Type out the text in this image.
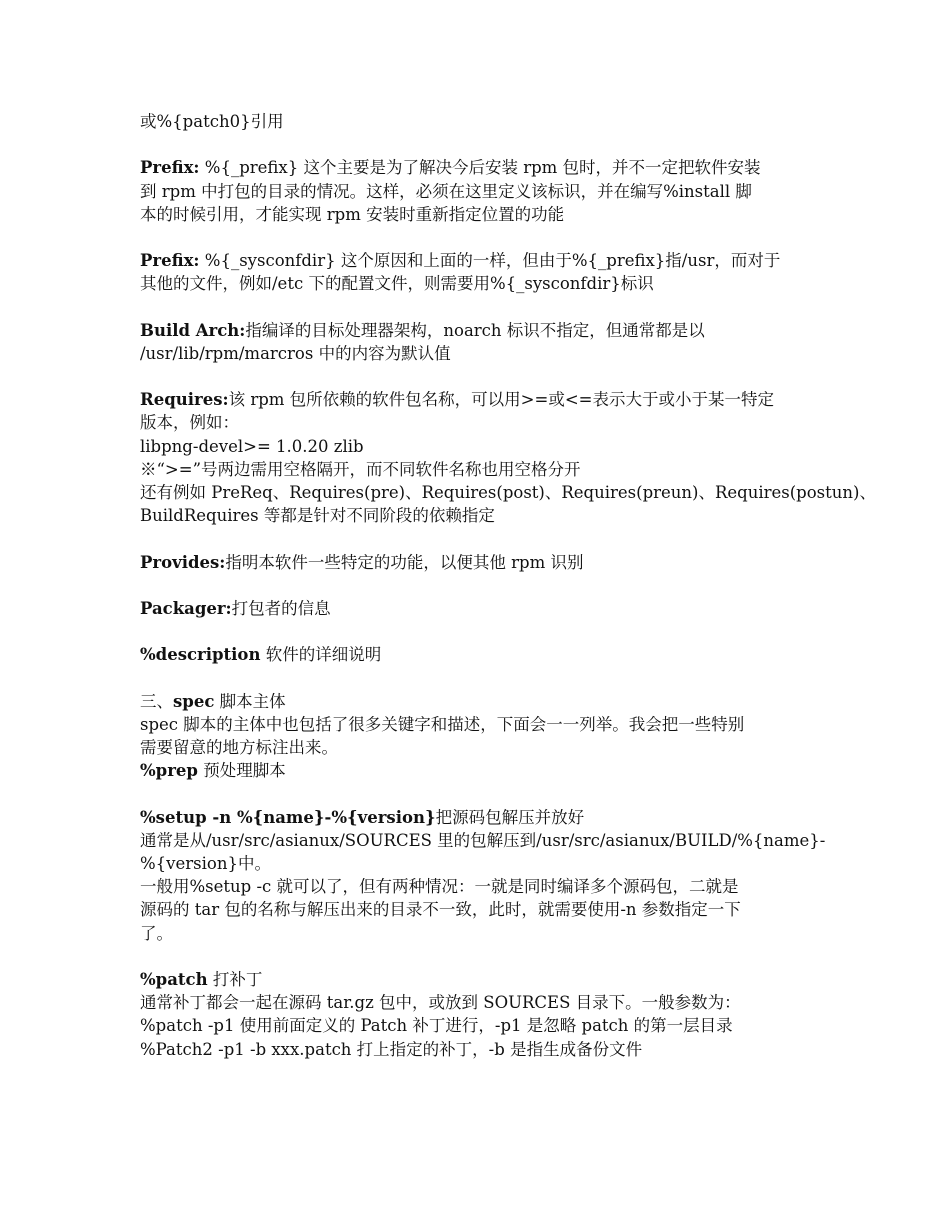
或%{patch0}引用
Prefix: %{_prefix} 这个主要是为了解决今后安装 rpm 包时，并不一定把软件安装
到 rpm 中打包的目录的情况。这样，必须在这里定义该标识，并在编写%install 脚
本的时候引用，才能实现 rpm 安装时重新指定位置的功能
Prefix: %{_sysconfdir} 这个原因和上面的一样，但由于%{_prefix}指/usr，而对于
其他的文件，例如/etc 下的配置文件，则需要用%{_sysconfdir}标识
Build Arch:指编译的目标处理器架构，noarch 标识不指定，但通常都是以
/usr/lib/rpm/marcros 中的内容为默认值
Requires:该 rpm 包所依赖的软件包名称，可以用>=或<=表示大于或小于某一特定
版本，例如：
libpng-devel>= 1.0.20 zlib
※“>=”号两边需用空格隔开，而不同软件名称也用空格分开
还有例如 PreReq、Requires(pre)、Requires(post)、Requires(preun)、Requires(postun)、
BuildRequires 等都是针对不同阶段的依赖指定
Provides:指明本软件一些特定的功能，以便其他 rpm 识别
Packager:打包者的信息
%description 软件的详细说明
三、spec 脚本主体
spec 脚本的主体中也包括了很多关键字和描述，下面会一一列举。我会把一些特别
需要留意的地方标注出来。
%prep 预处理脚本
%setup -n %{name}-%{version}把源码包解压并放好
通常是从/usr/src/asianux/SOURCES 里的包解压到/usr/src/asianux/BUILD/%{name}-
%{version}中。
一般用%setup -c 就可以了，但有两种情况：一就是同时编译多个源码包，二就是
源码的 tar 包的名称与解压出来的目录不一致，此时，就需要使用-n 参数指定一下
了。
%patch 打补丁
通常补丁都会一起在源码 tar.gz 包中，或放到 SOURCES 目录下。一般参数为：
%patch -p1 使用前面定义的 Patch 补丁进行，-p1 是忽略 patch 的第一层目录
%Patch2 -p1 -b xxx.patch 打上指定的补丁，-b 是指生成备份文件
